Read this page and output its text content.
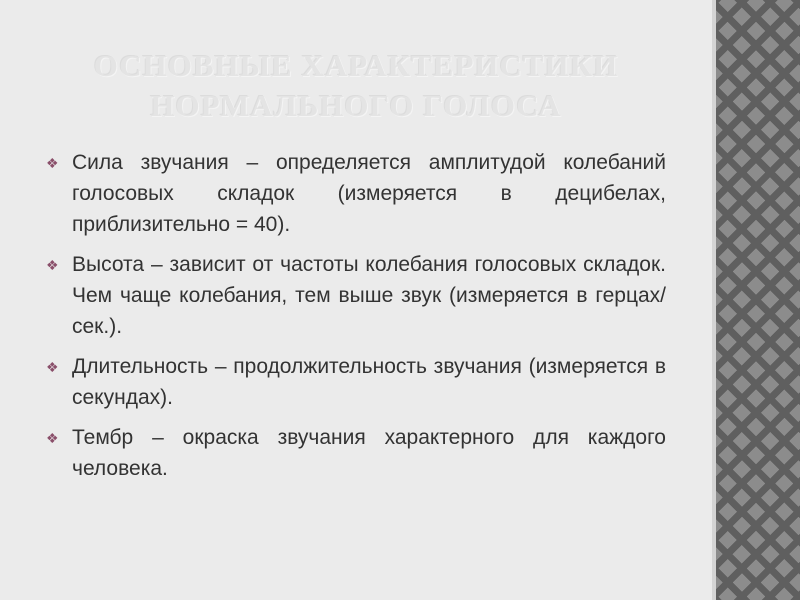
ОСНОВНЫЕ ХАРАКТЕРИСТИКИ НОРМАЛЬНОГО ГОЛОСА
❖ Сила звучания – определяется амплитудой колебаний голосовых складок (измеряется в децибелах, приблизительно = 40).
❖ Высота – зависит от частоты колебания голосовых складок. Чем чаще колебания, тем выше звук (измеряется в герцах/сек.).
❖ Длительность – продолжительность звучания (измеряется в секундах).
❖ Тембр – окраска звучания характерного для каждого человека.
